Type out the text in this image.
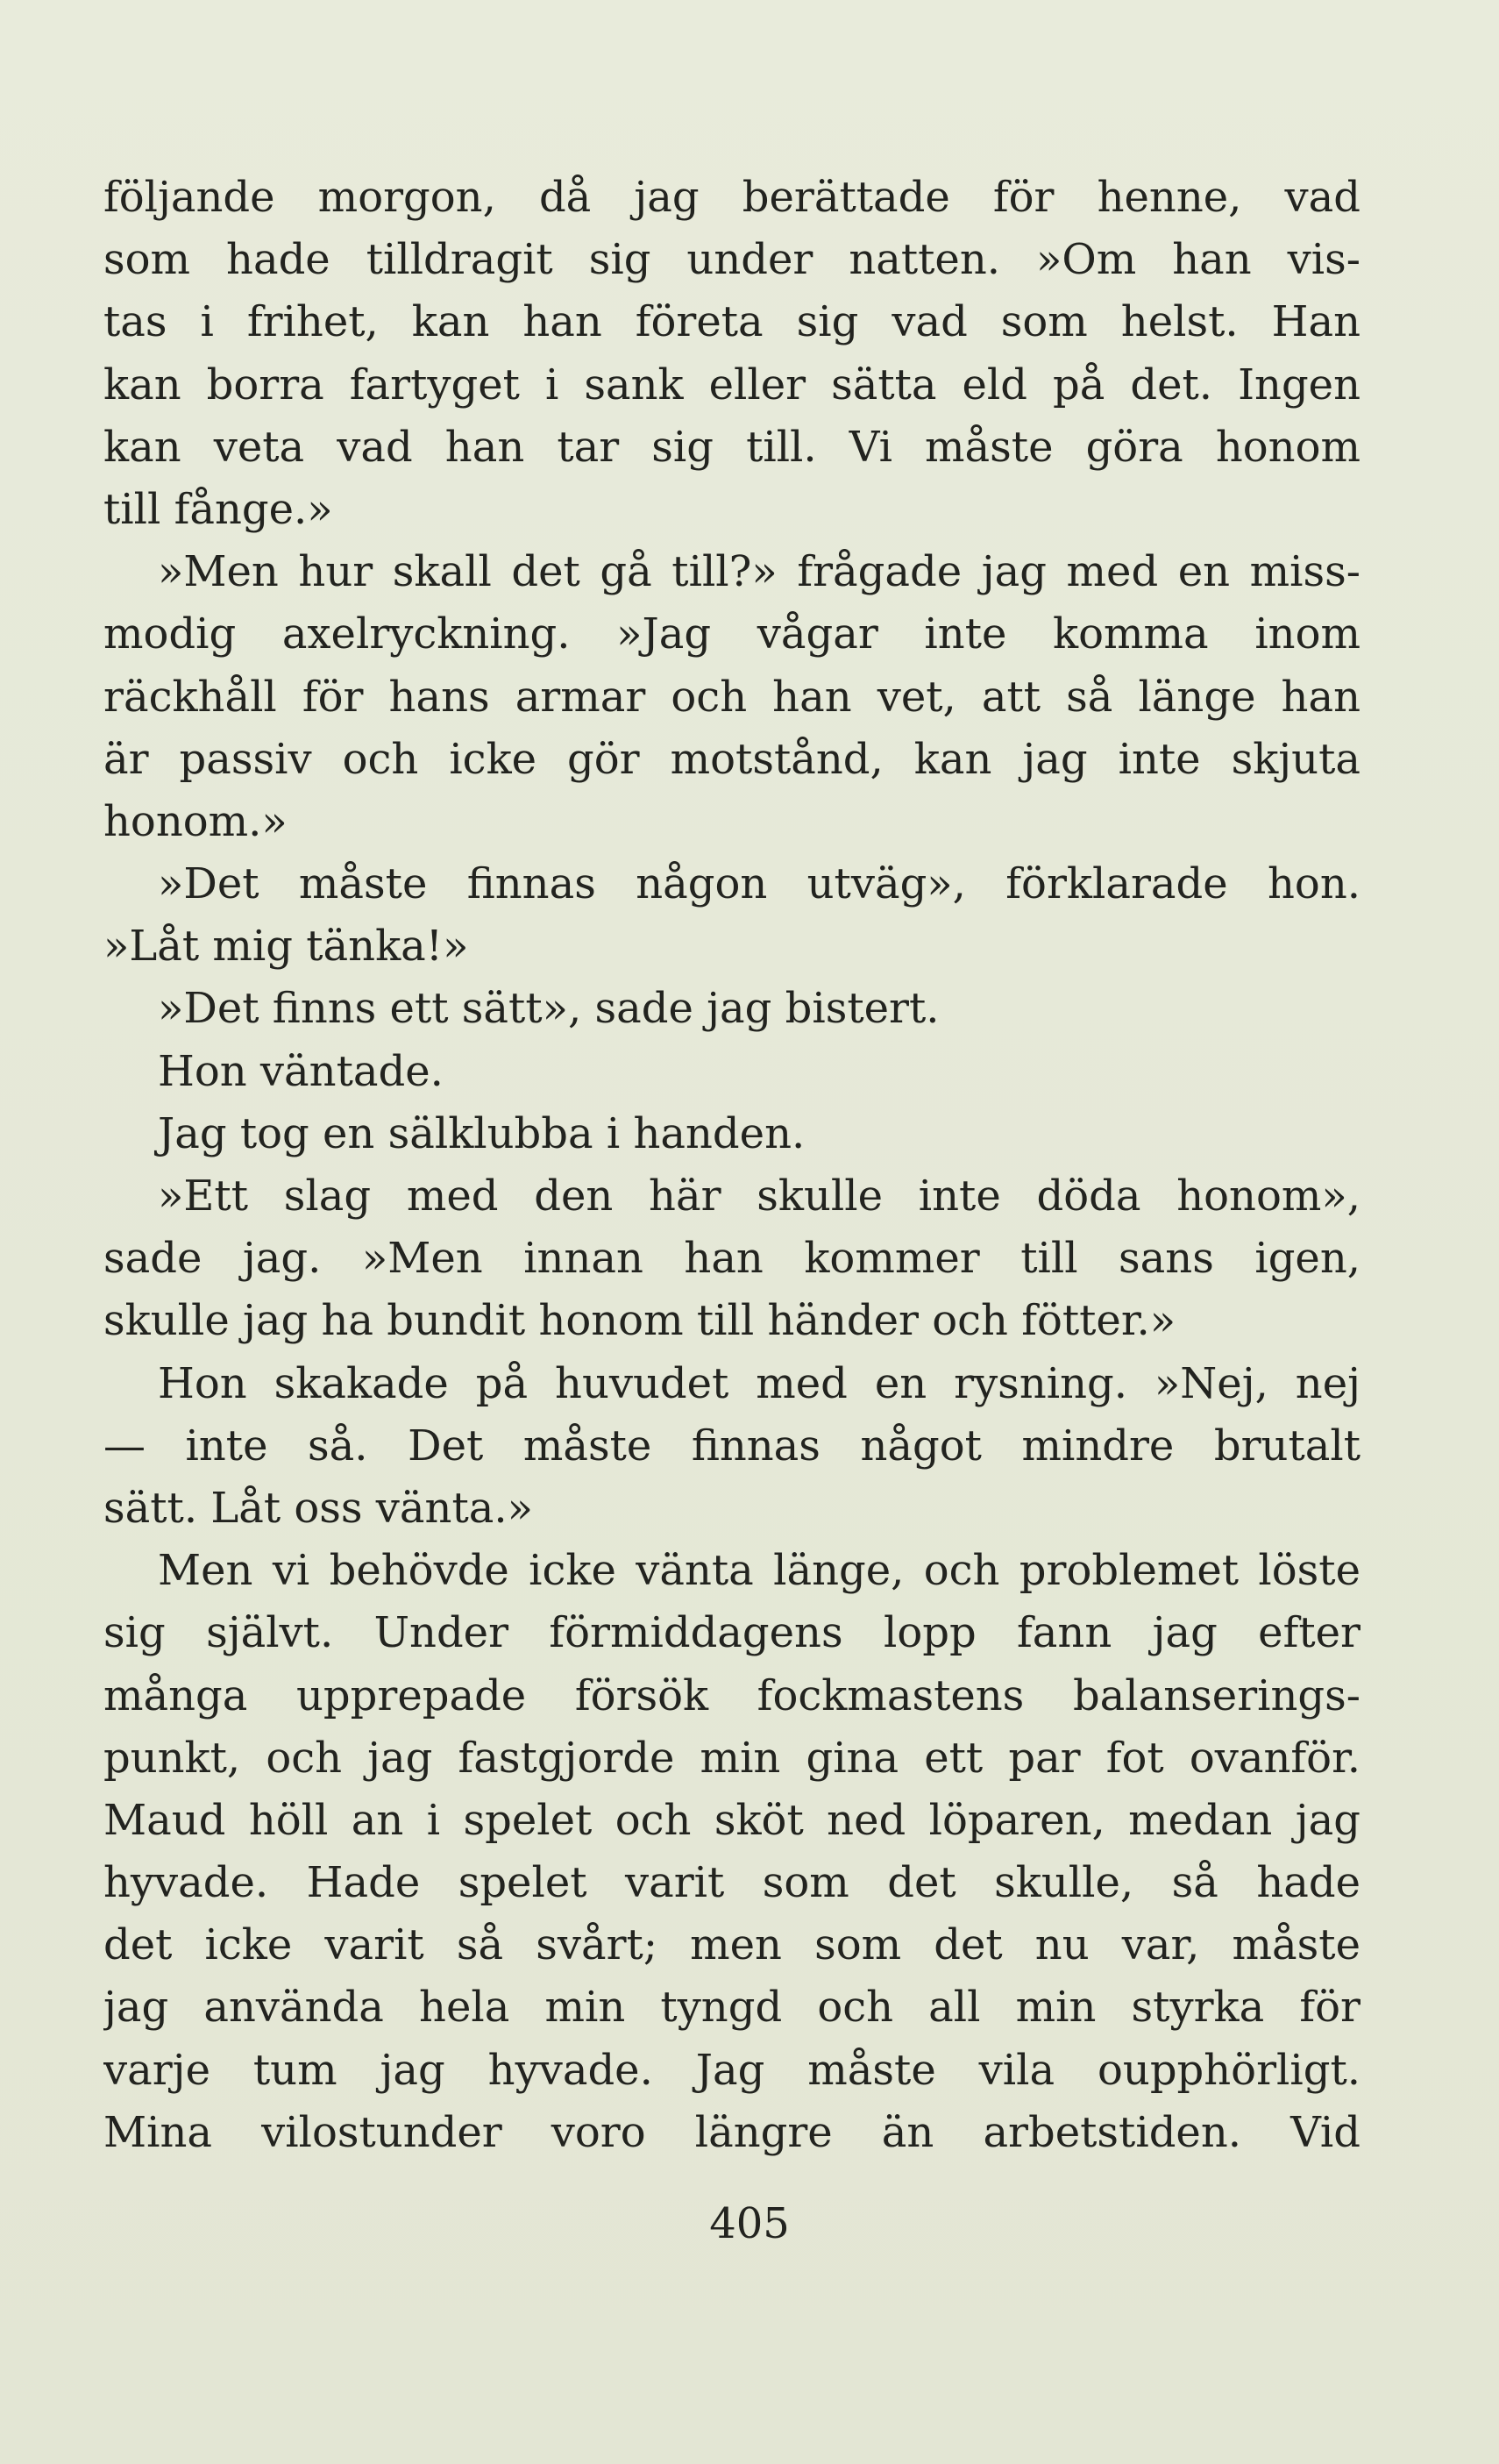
följande morgon, då jag berättade för henne, vad
som hade tilldragit sig under natten. »Om han vis-
tas i frihet, kan han företa sig vad som helst. Han
kan borra fartyget i sank eller sätta eld på det. Ingen
kan veta vad han tar sig till. Vi måste göra honom
till fånge.»
»Men hur skall det gå till?» frågade jag med en miss-
modig axelryckning. »Jag vågar inte komma inom
räckhåll för hans armar och han vet, att så länge han
är passiv och icke gör motstånd, kan jag inte skjuta
honom.»
»Det måste finnas någon utväg», förklarade hon.
»Låt mig tänka!»
»Det finns ett sätt», sade jag bistert.
Hon väntade.
Jag tog en sälklubba i handen.
»Ett slag med den här skulle inte döda honom»,
sade jag. »Men innan han kommer till sans igen,
skulle jag ha bundit honom till händer och fötter.»
Hon skakade på huvudet med en rysning. »Nej, nej
— inte så. Det måste finnas något mindre brutalt
sätt. Låt oss vänta.»
Men vi behövde icke vänta länge, och problemet löste
sig självt. Under förmiddagens lopp fann jag efter
många upprepade försök fockmastens balanserings-
punkt, och jag fastgjorde min gina ett par fot ovanför.
Maud höll an i spelet och sköt ned löparen, medan jag
hyvade. Hade spelet varit som det skulle, så hade
det icke varit så svårt; men som det nu var, måste
jag använda hela min tyngd och all min styrka för
varje tum jag hyvade. Jag måste vila oupphörligt.
Mina vilostunder voro längre än arbetstiden. Vid
405
